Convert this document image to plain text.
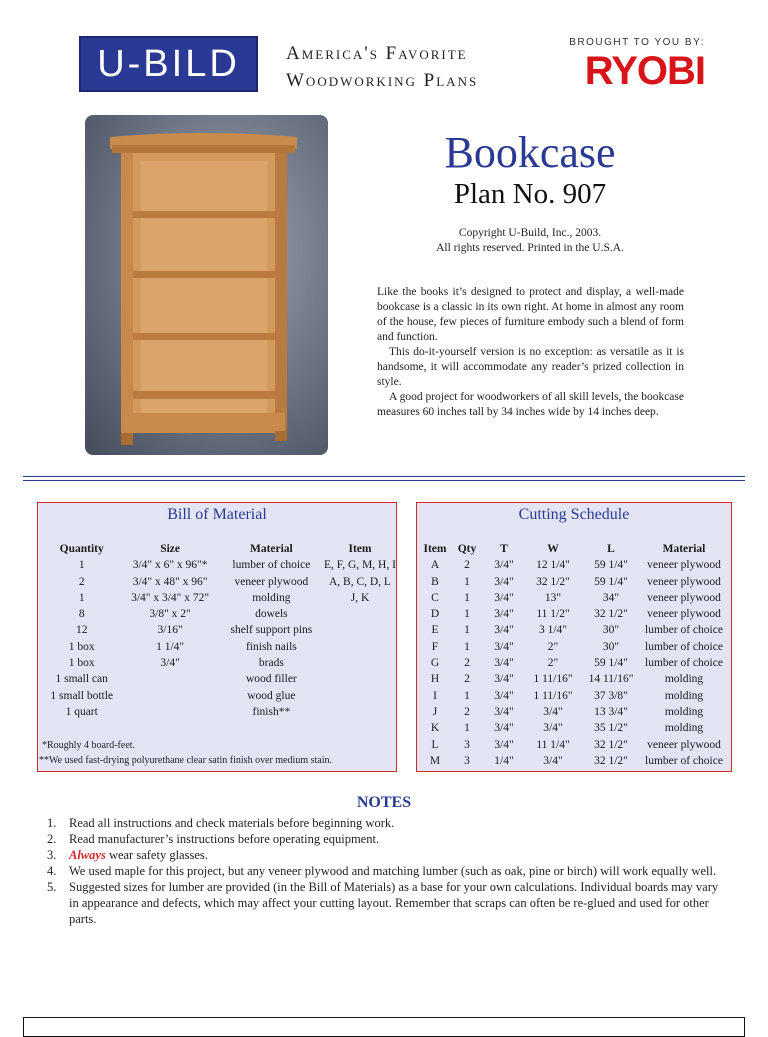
U-BILD	America's Favorite
Woodworking Plans
BROUGHT TO YOU BY:
RYOBI
Bookcase
Plan No. 907
Copyright U-Build, Inc., 2003.
All rights reserved. Printed in the U.S.A.

Like the books it’s designed to protect and display, a well-made bookcase is a classic in its own right. At home in almost any room of the house, few pieces of furniture embody such a blend of form and function.

This do-it-yourself version is no exception: as versatile as it is handsome, it will accommodate any reader’s prized collection in style.

A good project for woodworkers of all skill levels, the bookcase measures 60 inches tall by 34 inches wide by 14 inches deep.

Bill of Material
Quantity	Size	Material	Item
1	3/4" x 6" x 96"*	lumber of choice	E, F, G, M, H, I
2	3/4" x 48" x 96"	veneer plywood	A, B, C, D, L
1	3/4" x 3/4" x 72"	molding	J, K
8	3/8" x 2"	dowels	
12	3/16"	shelf support pins	
1 box	1 1/4"	finish nails	
1 box	3/4"	brads	
1 small can		wood filler	
1 small bottle		wood glue	
1 quart		finish**	
*Roughly 4 board-feet.
**We used fast-drying polyurethane clear satin finish over medium stain.
Cutting Schedule
Item	Qty	T	W	L	Material
A	2	3/4"	12 1/4"	59 1/4"	veneer plywood
B	1	3/4"	32 1/2"	59 1/4"	veneer plywood
C	1	3/4"	13"	34"	veneer plywood
D	1	3/4"	11 1/2"	32 1/2"	veneer plywood
E	1	3/4"	3 1/4"	30"	lumber of choice
F	1	3/4"	2"	30"	lumber of choice
G	2	3/4"	2"	59 1/4"	lumber of choice
H	2	3/4"	1 11/16"	14 11/16"	molding
I	1	3/4"	1 11/16"	37 3/8"	molding
J	2	3/4"	3/4"	13 3/4"	molding
K	1	3/4"	3/4"	35 1/2"	molding
L	3	3/4"	11 1/4"	32 1/2"	veneer plywood
M	3	1/4"	3/4"	32 1/2"	lumber of choice
NOTES
1.	Read all instructions and check materials before beginning work.
2.	Read manufacturer’s instructions before operating equipment.
3.	Always wear safety glasses.
4.	We used maple for this project, but any veneer plywood and matching lumber (such as oak, pine or birch) will work equally well.
5.	Suggested sizes for lumber are provided (in the Bill of Materials) as a base for your own calculations. Individual boards may vary in appearance and defects, which may affect your cutting layout. Remember that scraps can often be re-glued and used for other parts.
